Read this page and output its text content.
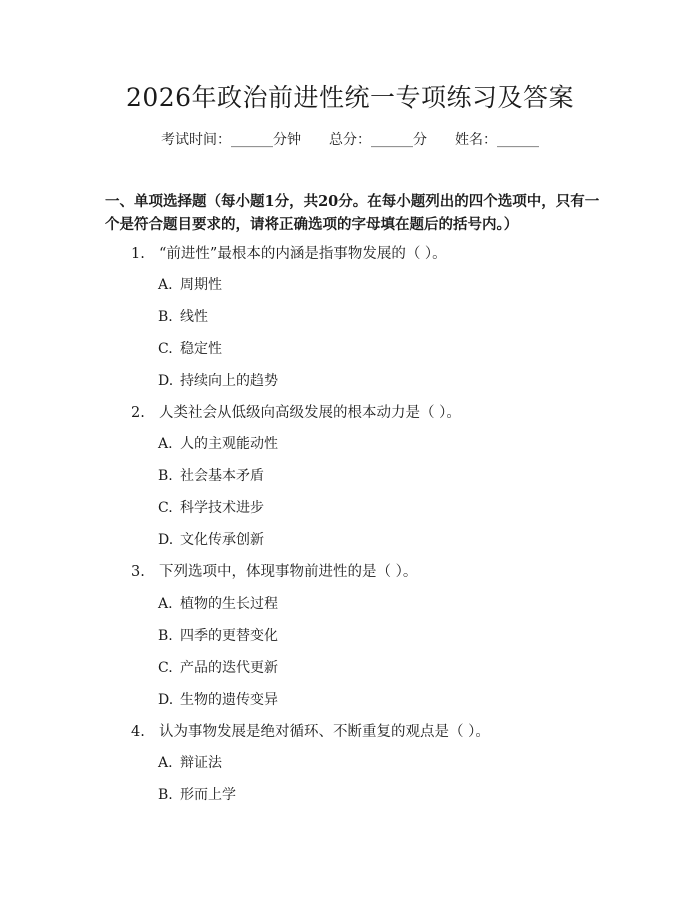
2026年政治前进性统一专项练习及答案
考试时间：______分钟 总分：______分 姓名：______
一、单项选择题（每小题1分，共20分。在每小题列出的四个选项中，只有一个是符合题目要求的，请将正确选项的字母填在题后的括号内。）
1. “前进性”最根本的内涵是指事物发展的（ ）。
A. 周期性
B. 线性
C. 稳定性
D. 持续向上的趋势
2. 人类社会从低级向高级发展的根本动力是（ ）。
A. 人的主观能动性
B. 社会基本矛盾
C. 科学技术进步
D. 文化传承创新
3. 下列选项中，体现事物前进性的是（ ）。
A. 植物的生长过程
B. 四季的更替变化
C. 产品的迭代更新
D. 生物的遗传变异
4. 认为事物发展是绝对循环、不断重复的观点是（ ）。
A. 辩证法
B. 形而上学
